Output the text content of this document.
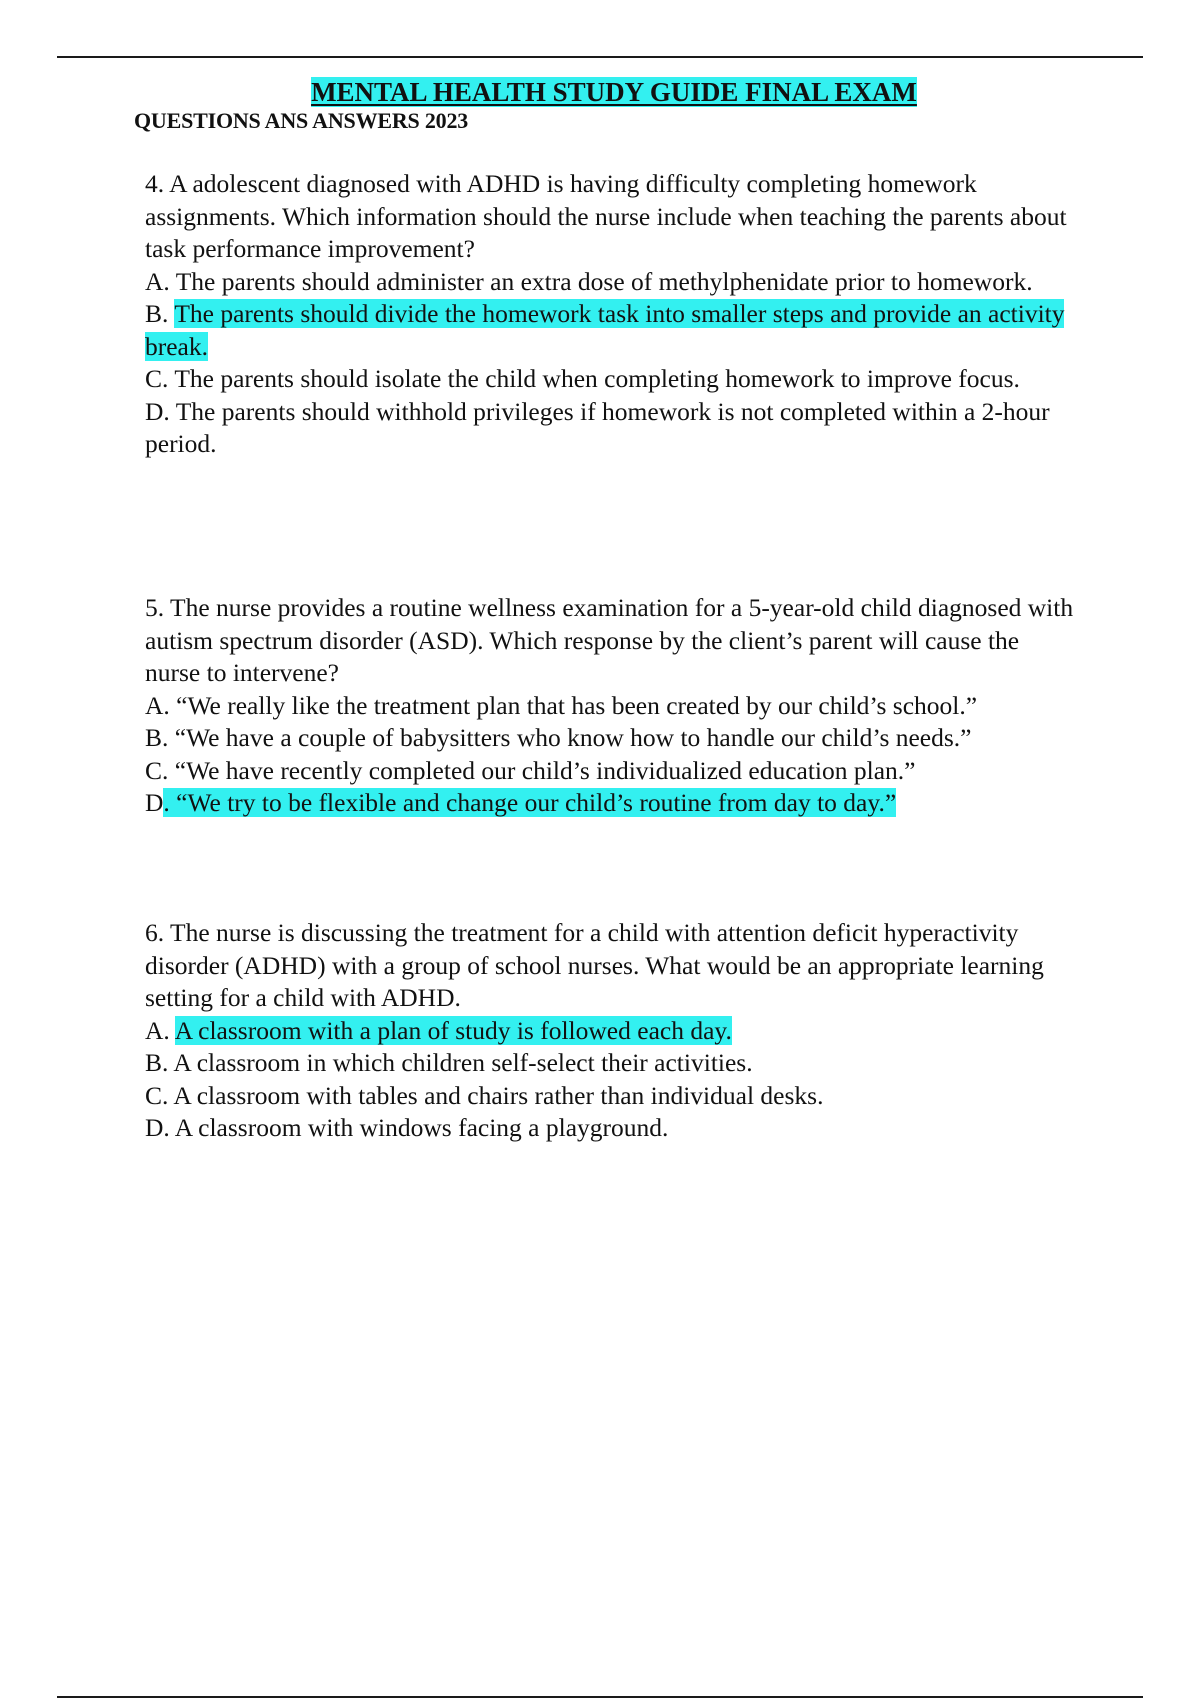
MENTAL HEALTH STUDY GUIDE FINAL EXAM
QUESTIONS ANS ANSWERS 2023

4. A adolescent diagnosed with ADHD is having difficulty completing homework assignments. Which information should the nurse include when teaching the parents about task performance improvement?

A. The parents should administer an extra dose of methylphenidate prior to homework.

B. The parents should divide the homework task into smaller steps and provide an activity break.

C. The parents should isolate the child when completing homework to improve focus.

D. The parents should withhold privileges if homework is not completed within a 2-hour period.

5. The nurse provides a routine wellness examination for a 5-year-old child diagnosed with autism spectrum disorder (ASD). Which response by the client’s parent will cause the nurse to intervene?

A. “We really like the treatment plan that has been created by our child’s school.”

B. “We have a couple of babysitters who know how to handle our child’s needs.”

C. “We have recently completed our child’s individualized education plan.”

D. “We try to be flexible and change our child’s routine from day to day.”

6. The nurse is discussing the treatment for a child with attention deficit hyperactivity disorder (ADHD) with a group of school nurses. What would be an appropriate learning setting for a child with ADHD.

A. A classroom with a plan of study is followed each day.

B. A classroom in which children self-select their activities.

C. A classroom with tables and chairs rather than individual desks.

D. A classroom with windows facing a playground.
